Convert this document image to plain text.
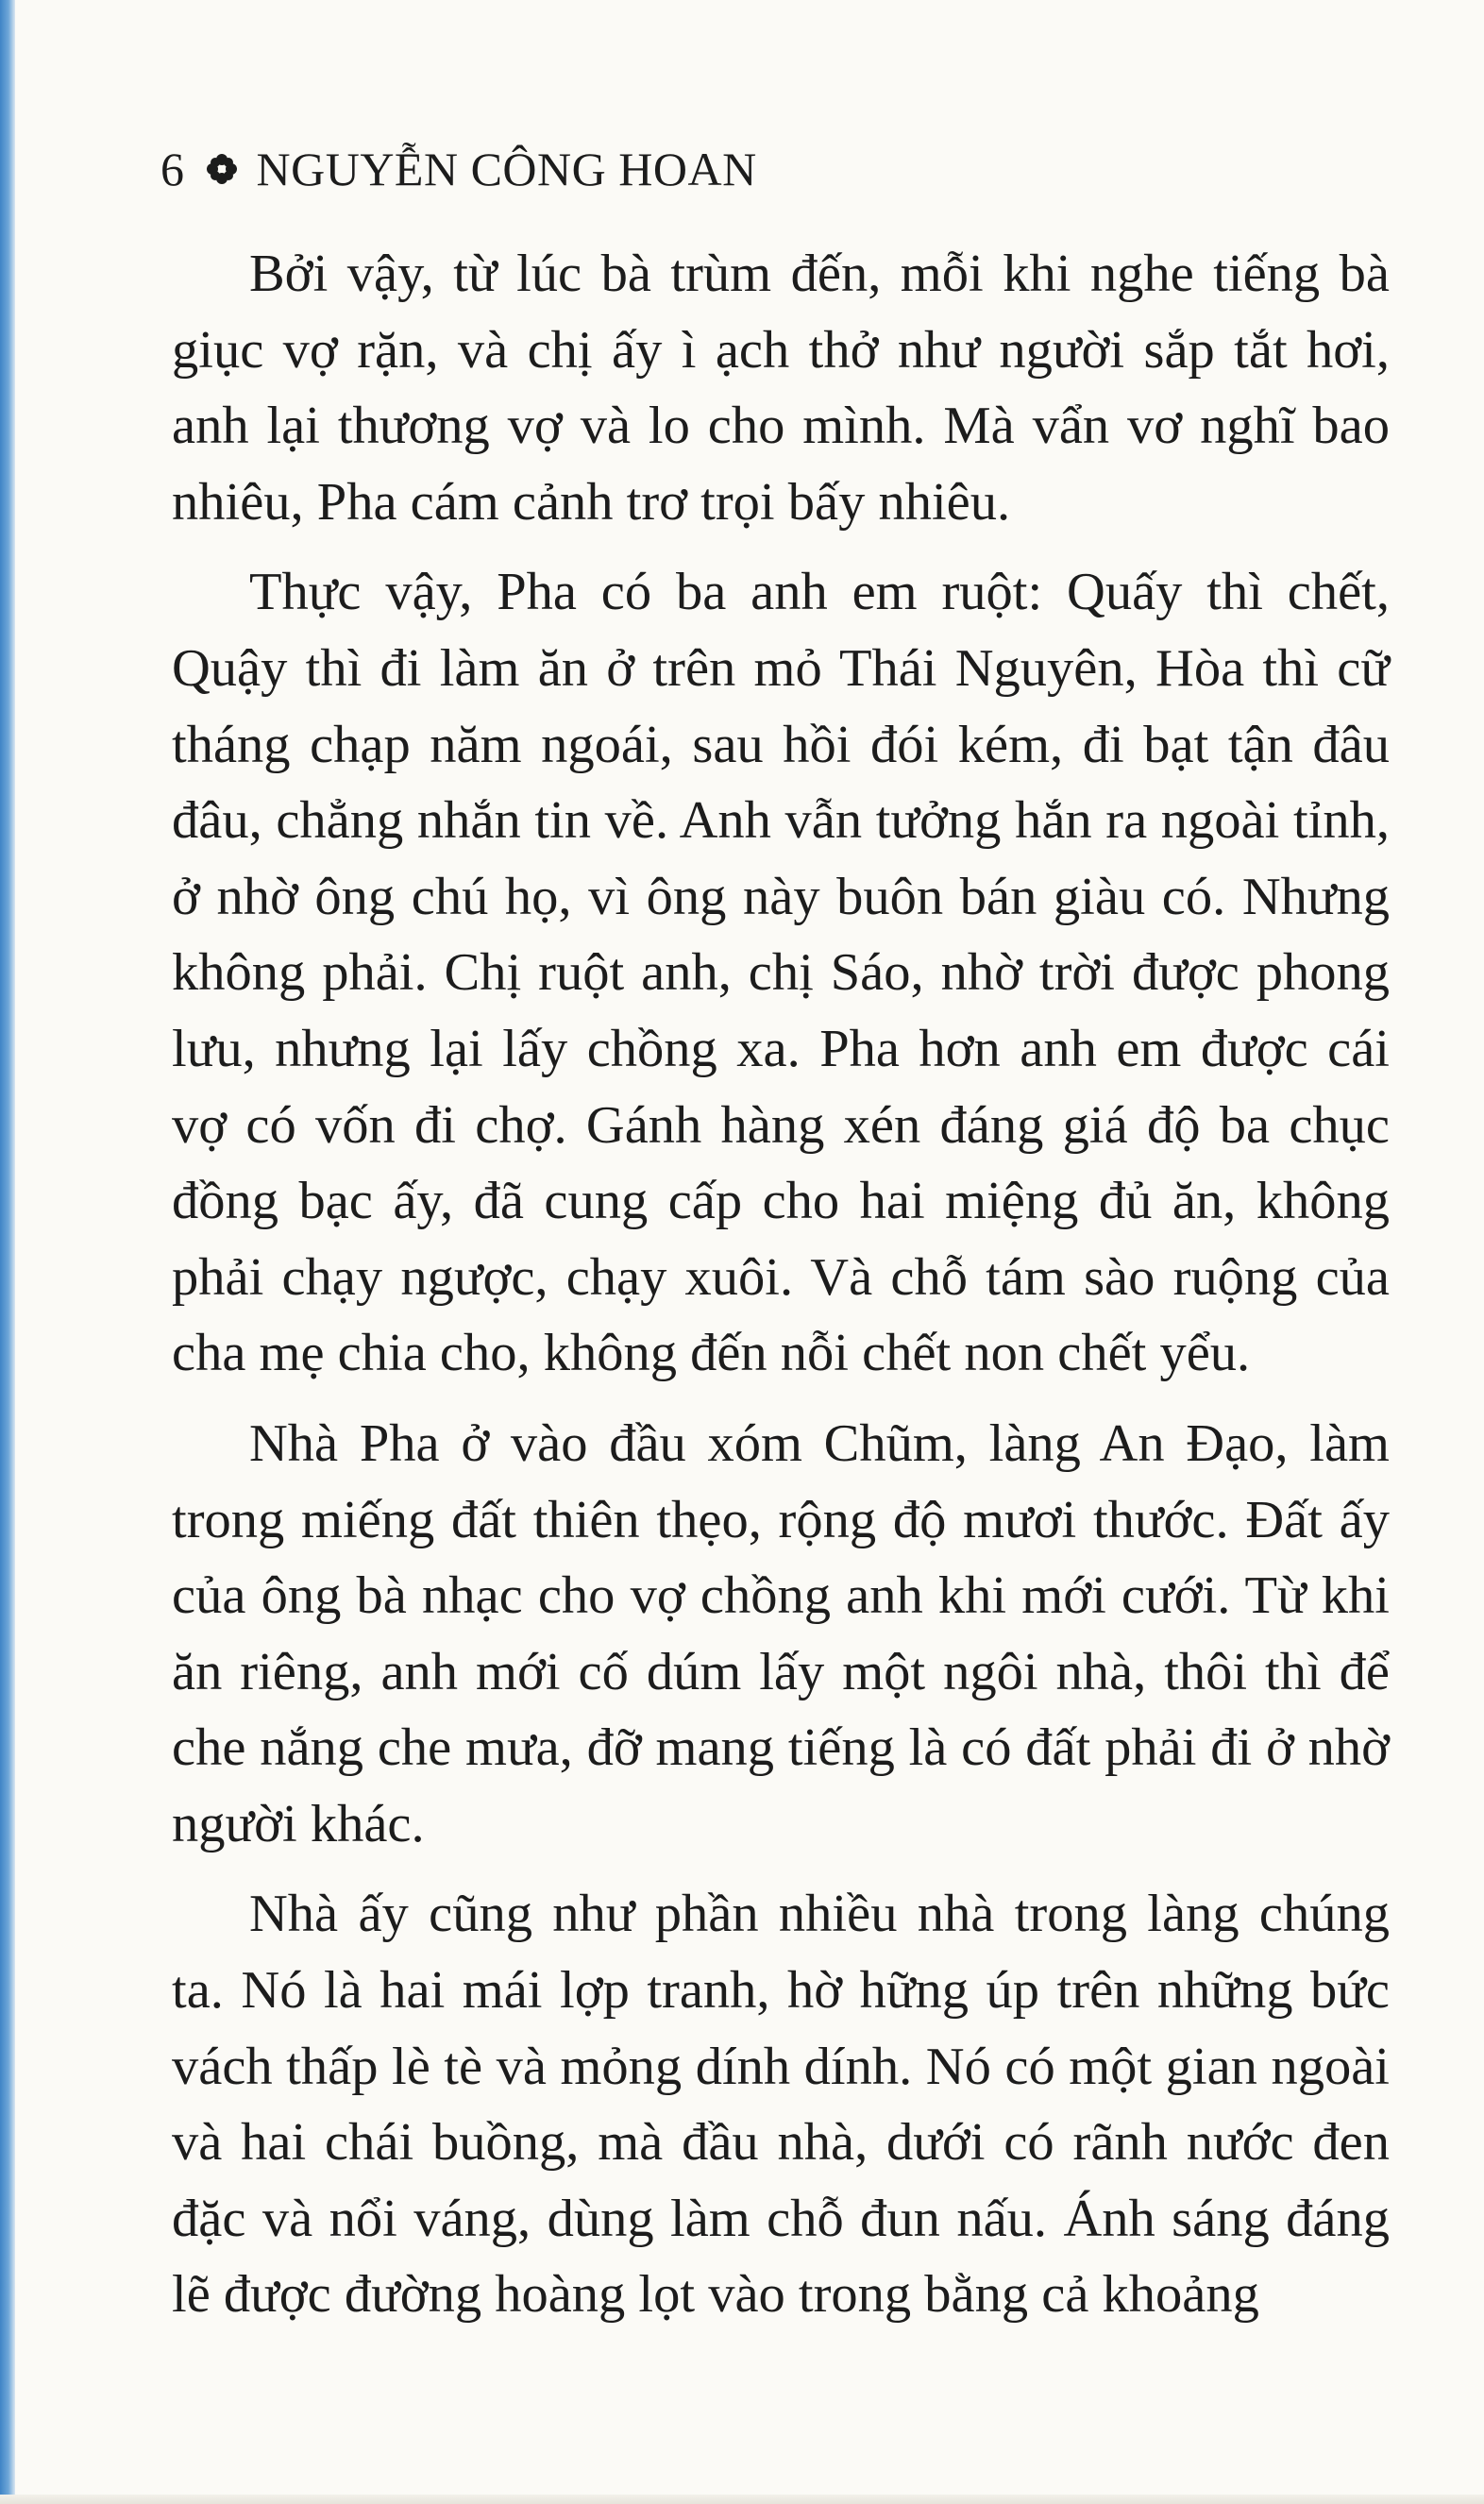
6 NGUYỄN CÔNG HOAN

Bởi vậy, từ lúc bà trùm đến, mỗi khi nghe tiếng bà giục vợ rặn, và chị ấy ì ạch thở như người sắp tắt hơi, anh lại thương vợ và lo cho mình. Mà vẩn vơ nghĩ bao nhiêu, Pha cám cảnh trơ trọi bấy nhiêu.

Thực vậy, Pha có ba anh em ruột: Quấy thì chết, Quậy thì đi làm ăn ở trên mỏ Thái Nguyên, Hòa thì cữ tháng chạp năm ngoái, sau hồi đói kém, đi bạt tận đâu đâu, chẳng nhắn tin về. Anh vẫn tưởng hắn ra ngoài tỉnh, ở nhờ ông chú họ, vì ông này buôn bán giàu có. Nhưng không phải. Chị ruột anh, chị Sáo, nhờ trời được phong lưu, nhưng lại lấy chồng xa. Pha hơn anh em được cái vợ có vốn đi chợ. Gánh hàng xén đáng giá độ ba chục đồng bạc ấy, đã cung cấp cho hai miệng đủ ăn, không phải chạy ngược, chạy xuôi. Và chỗ tám sào ruộng của cha mẹ chia cho, không đến nỗi chết non chết yểu.

Nhà Pha ở vào đầu xóm Chũm, làng An Đạo, làm trong miếng đất thiên thẹo, rộng độ mươi thước. Đất ấy của ông bà nhạc cho vợ chồng anh khi mới cưới. Từ khi ăn riêng, anh mới cố dúm lấy một ngôi nhà, thôi thì để che nắng che mưa, đỡ mang tiếng là có đất phải đi ở nhờ người khác.

Nhà ấy cũng như phần nhiều nhà trong làng chúng ta. Nó là hai mái lợp tranh, hờ hững úp trên những bức vách thấp lè tè và mỏng dính dính. Nó có một gian ngoài và hai chái buồng, mà đầu nhà, dưới có rãnh nước đen đặc và nổi váng, dùng làm chỗ đun nấu. Ánh sáng đáng lẽ được đường hoàng lọt vào trong bằng cả khoảng
